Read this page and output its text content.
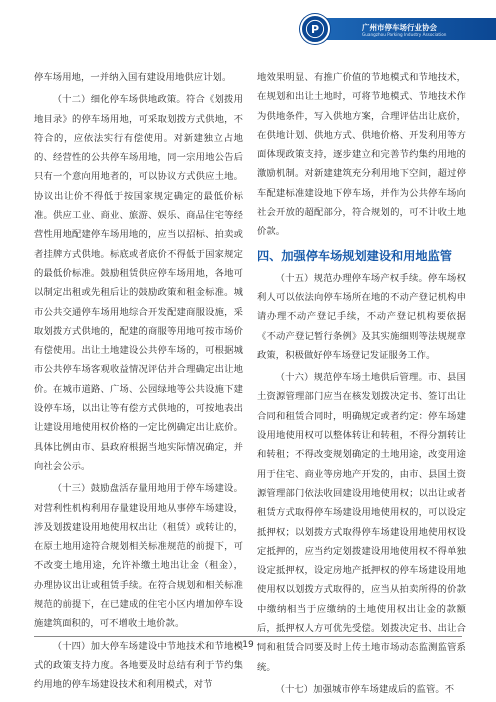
广州市停车场行业协会
Guangzhou Parking Industry Association
P

停车场用地，一并纳入国有建设用地供应计划。

（十二）细化停车场供地政策。符合《划拨用地目录》的停车场用地，可采取划拨方式供地，不符合的，应依法实行有偿使用。对新建独立占地的、经营性的公共停车场用地，同一宗用地公告后只有一个意向用地者的，可以协议方式供应土地。协议出让价不得低于按国家规定确定的最低价标准。供应工业、商业、旅游、娱乐、商品住宅等经营性用地配建停车场用地的，应当以招标、拍卖或者挂牌方式供地。标底或者底价不得低于国家规定的最低价标准。鼓励租赁供应停车场用地，各地可以制定出租或先租后让的鼓励政策和租金标准。城市公共交通停车场用地综合开发配建商服设施，采取划拨方式供地的，配建的商服等用地可按市场价有偿使用。出让土地建设公共停车场的，可根据城市公共停车场客观收益情况评估并合理确定出让地价。在城市道路、广场、公园绿地等公共设施下建设停车场，以出让等有偿方式供地的，可按地表出让建设用地使用权价格的一定比例确定出让底价。具体比例由市、县政府根据当地实际情况确定，并向社会公示。

（十三）鼓励盘活存量用地用于停车场建设。对营利性机构利用存量建设用地从事停车场建设，涉及划拨建设用地使用权出让（租赁）或转让的，在原土地用途符合规划相关标准规范的前提下，可不改变土地用途，允许补缴土地出让金（租金），办理协议出让或租赁手续。在符合规划和相关标准规范的前提下，在已建成的住宅小区内增加停车设施建筑面积的，可不增收土地价款。

（十四）加大停车场建设中节地技术和节地模式的政策支持力度。各地要及时总结有利于节约集约用地的停车场建设技术和利用模式，对节

地效果明显、有推广价值的节地模式和节地技术，在规划和出让土地时，可将节地模式、节地技术作为供地条件，写入供地方案，合理评估出让底价，在供地计划、供地方式、供地价格、开发利用等方面体现政策支持，逐步建立和完善节约集约用地的激励机制。对新建建筑充分利用地下空间，超过停车配建标准建设地下停车场，并作为公共停车场向社会开放的超配部分，符合规划的，可不计收土地价款。

四、加强停车场规划建设和用地监管

（十五）规范办理停车场产权手续。停车场权利人可以依法向停车场所在地的不动产登记机构申请办理不动产登记手续，不动产登记机构要依据《不动产登记暂行条例》及其实施细则等法规规章政策，积极做好停车场登记发证服务工作。

（十六）规范停车场土地供后管理。市、县国土资源管理部门应当在核发划拨决定书、签订出让合同和租赁合同时，明确规定或者约定：停车场建设用地使用权可以整体转让和转租，不得分割转让和转租；不得改变规划确定的土地用途，改变用途用于住宅、商业等房地产开发的，由市、县国土资源管理部门依法收回建设用地使用权；以出让或者租赁方式取得停车场建设用地使用权的，可以设定抵押权；以划拨方式取得停车场建设用地使用权设定抵押的，应当约定划拨建设用地使用权不得单独设定抵押权，设定房地产抵押权的停车场建设用地使用权以划拨方式取得的，应当从拍卖所得的价款中缴纳相当于应缴纳的土地使用权出让金的款额后，抵押权人方可优先受偿。划拨决定书、出让合同和租赁合同要及时上传土地市场动态监测监管系统。

（十七）加强城市停车场建成后的监管。不

- 19 -
